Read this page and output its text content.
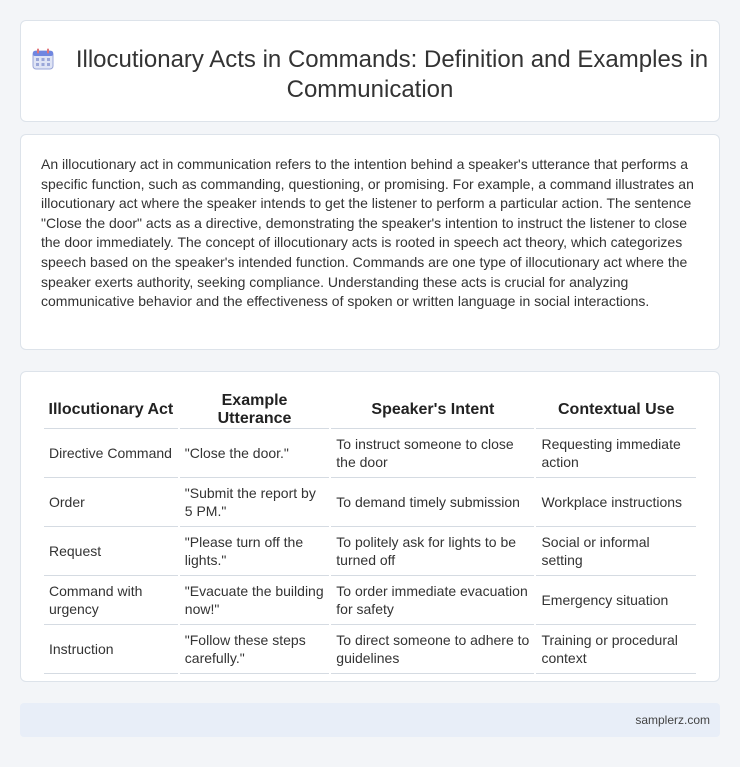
Illocutionary Acts in Commands: Definition and Examples in Communication

An illocutionary act in communication refers to the intention behind a speaker's utterance that performs a specific function, such as commanding, questioning, or promising. For example, a command illustrates an illocutionary act where the speaker intends to get the listener to perform a particular action. The sentence "Close the door" acts as a directive, demonstrating the speaker's intention to instruct the listener to close the door immediately. The concept of illocutionary acts is rooted in speech act theory, which categorizes speech based on the speaker's intended function. Commands are one type of illocutionary act where the speaker exerts authority, seeking compliance. Understanding these acts is crucial for analyzing communicative behavior and the effectiveness of spoken or written language in social interactions.

Illocutionary Act	Example Utterance	Speaker's Intent	Contextual Use
Directive Command	"Close the door."	To instruct someone to close the door	Requesting immediate action
Order	"Submit the report by 5 PM."	To demand timely submission	Workplace instructions
Request	"Please turn off the lights."	To politely ask for lights to be turned off	Social or informal setting
Command with urgency	"Evacuate the building now!"	To order immediate evacuation for safety	Emergency situation
Instruction	"Follow these steps carefully."	To direct someone to adhere to guidelines	Training or procedural context
samplerz.com
